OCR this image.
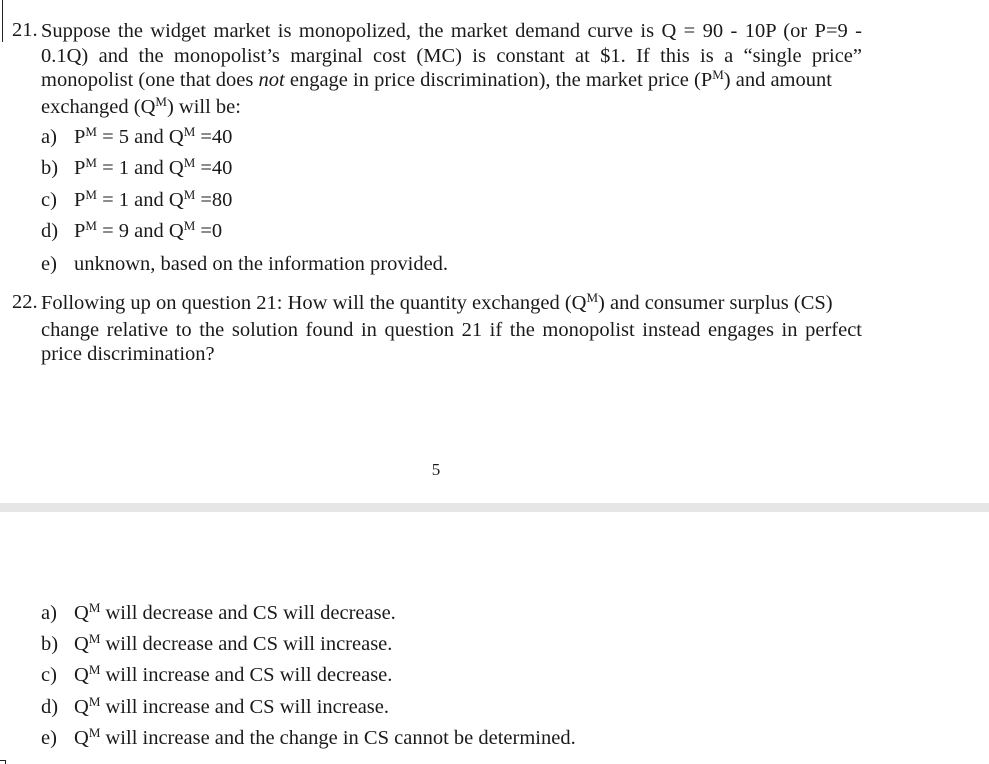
21. Suppose the widget market is monopolized, the market demand curve is Q = 90 - 10P (or P=9 -
0.1Q) and the monopolist’s marginal cost (MC) is constant at $1. If this is a “single price”
monopolist (one that does not engage in price discrimination), the market price $(P^M)$ and amount
exchanged $(Q^M)$ will be:
a) $P^M = 5$ and $Q^M =40$
b) $P^M = 1$ and $Q^M =40$
c) $P^M = 1$ and $Q^M =80$
d) $P^M = 9$ and $Q^M =0$
e) unknown, based on the information provided.
22. Following up on question 21: How will the quantity exchanged $(Q^M)$ and consumer surplus (CS)
change relative to the solution found in question 21 if the monopolist instead engages in perfect
price discrimination?
5
a) $Q^M$ will decrease and CS will decrease.
b) $Q^M$ will decrease and CS will increase.
c) $Q^M$ will increase and CS will decrease.
d) $Q^M$ will increase and CS will increase.
e) $Q^M$ will increase and the change in CS cannot be determined.
